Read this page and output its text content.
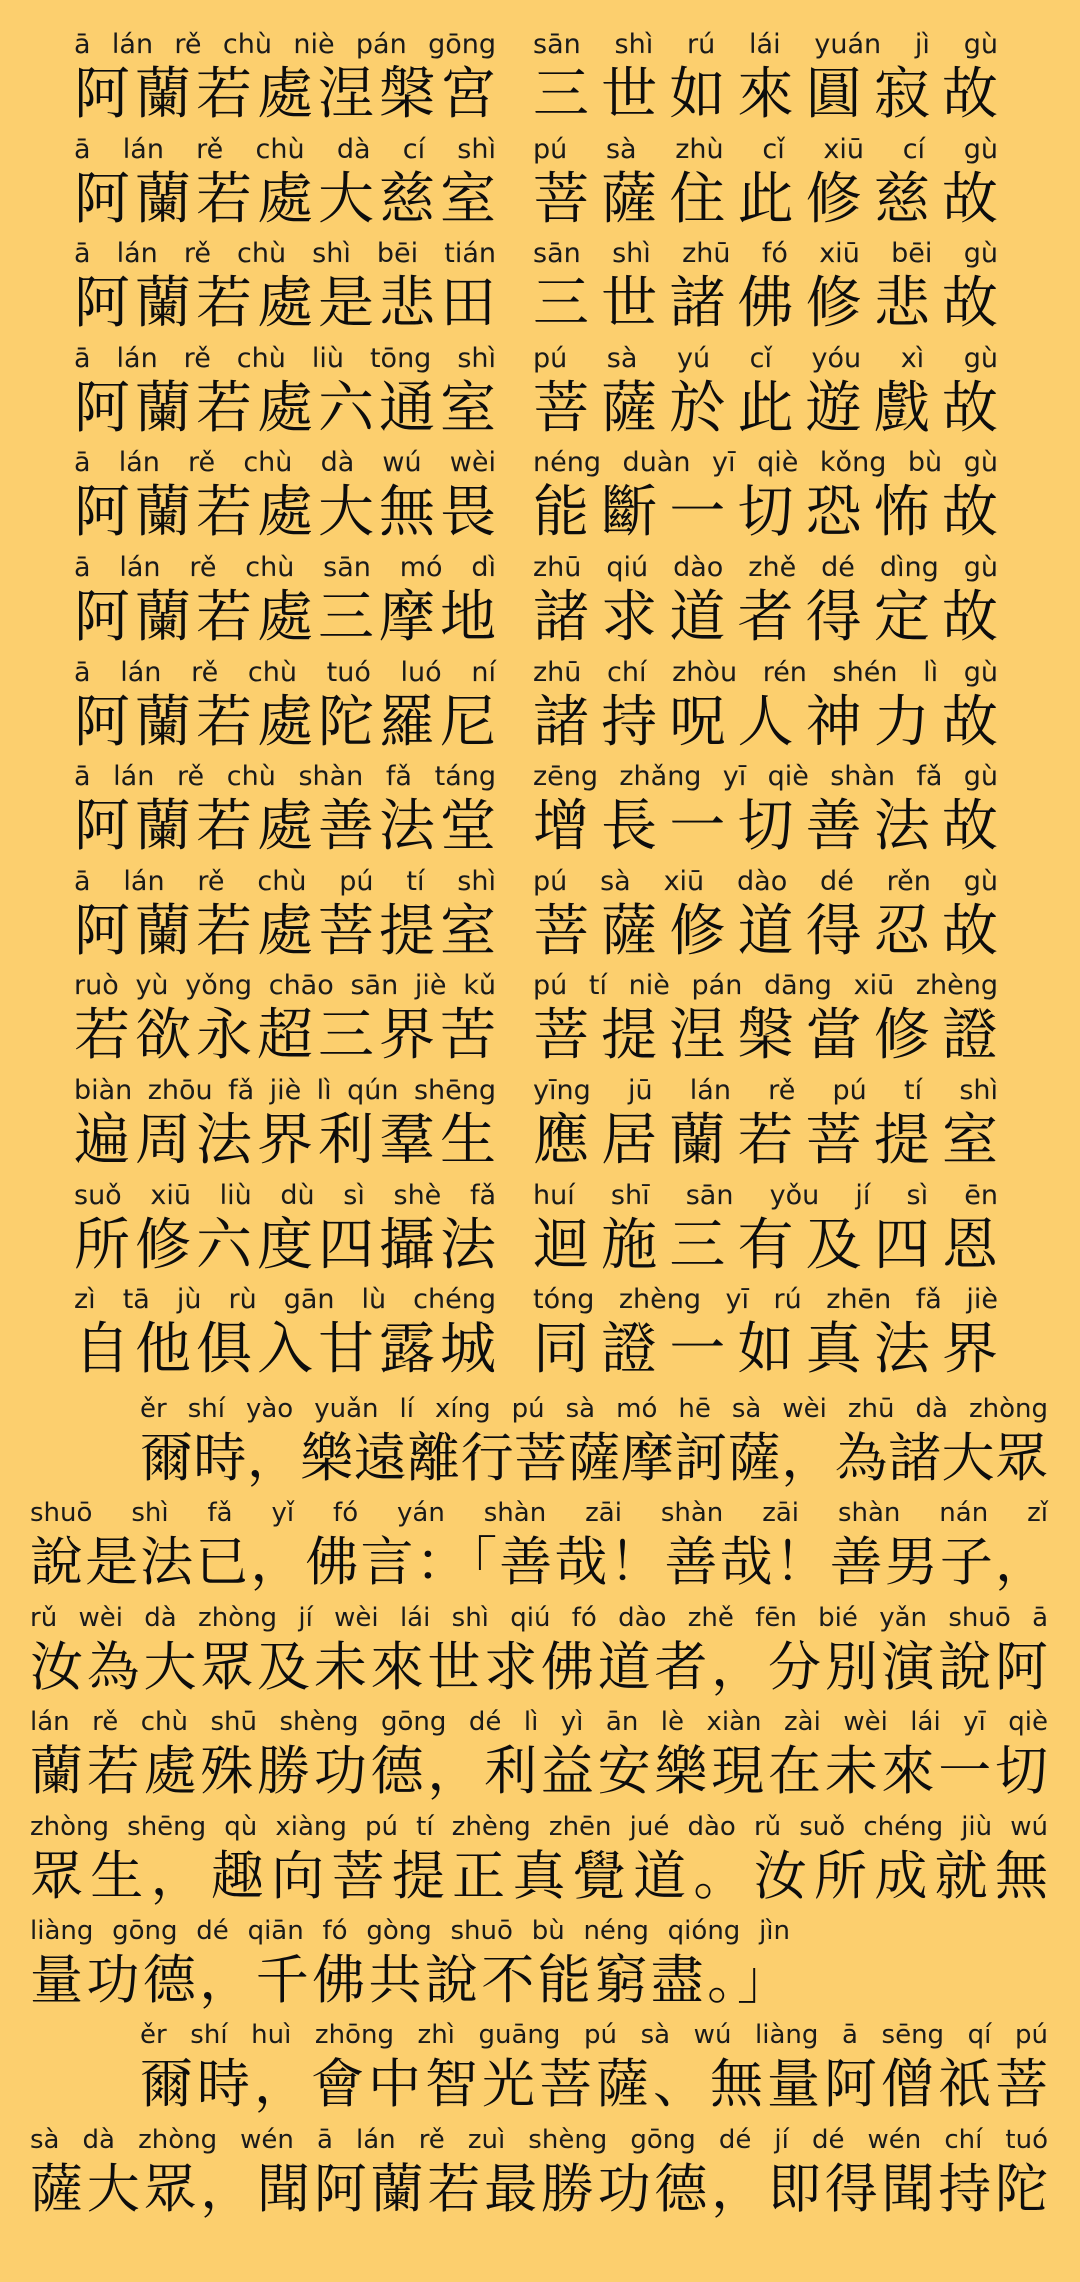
ā lán rě chù niè pán gōng
阿蘭若處涅槃宮
sān shì rú lái yuán jì gù
三世如來圓寂故
ā lán rě chù dà cí shì
阿蘭若處大慈室
pú sà zhù cǐ xiū cí gù
菩薩住此修慈故
ā lán rě chù shì bēi tián
阿蘭若處是悲田
sān shì zhū fó xiū bēi gù
三世諸佛修悲故
ā lán rě chù liù tōng shì
阿蘭若處六通室
pú sà yú cǐ yóu xì gù
菩薩於此遊戲故
ā lán rě chù dà wú wèi
阿蘭若處大無畏
néng duàn yī qiè kǒng bù gù
能斷一切恐怖故
ā lán rě chù sān mó dì
阿蘭若處三摩地
zhū qiú dào zhě dé dìng gù
諸求道者得定故
ā lán rě chù tuó luó ní
阿蘭若處陀羅尼
zhū chí zhòu rén shén lì gù
諸持呪人神力故
ā lán rě chù shàn fǎ táng
阿蘭若處善法堂
zēng zhǎng yī qiè shàn fǎ gù
增長一切善法故
ā lán rě chù pú tí shì
阿蘭若處菩提室
pú sà xiū dào dé rěn gù
菩薩修道得忍故
ruò yù yǒng chāo sān jiè kǔ
若欲永超三界苦
pú tí niè pán dāng xiū zhèng
菩提涅槃當修證
biàn zhōu fǎ jiè lì qún shēng
遍周法界利羣生
yīng jū lán rě pú tí shì
應居蘭若菩提室
suǒ xiū liù dù sì shè fǎ
所修六度四攝法
huí shī sān yǒu jí sì ēn
迴施三有及四恩
zì tā jù rù gān lù chéng
自他俱入甘露城
tóng zhèng yī rú zhēn fǎ jiè
同證一如真法界
ěr shí yào yuǎn lí xíng pú sà mó hē sà wèi zhū dà zhòng
爾時，樂遠離行菩薩摩訶薩，為諸大眾
shuō shì fǎ yǐ fó yán shàn zāi shàn zāi shàn nán zǐ
說是法已，佛言：「善哉！善哉！善男子，
rǔ wèi dà zhòng jí wèi lái shì qiú fó dào zhě fēn bié yǎn shuō ā
汝為大眾及未來世求佛道者，分別演說阿
lán rě chù shū shèng gōng dé lì yì ān lè xiàn zài wèi lái yī qiè
蘭若處殊勝功德，利益安樂現在未來一切
zhòng shēng qù xiàng pú tí zhèng zhēn jué dào rǔ suǒ chéng jiù wú
眾生，趣向菩提正真覺道。汝所成就無
liàng gōng dé qiān fó gòng shuō bù néng qióng jìn
量功德，千佛共說不能窮盡。」
ěr shí huì zhōng zhì guāng pú sà wú liàng ā sēng qí pú
爾時，會中智光菩薩、無量阿僧祇菩
sà dà zhòng wén ā lán rě zuì shèng gōng dé jí dé wén chí tuó
薩大眾，聞阿蘭若最勝功德，即得聞持陀
